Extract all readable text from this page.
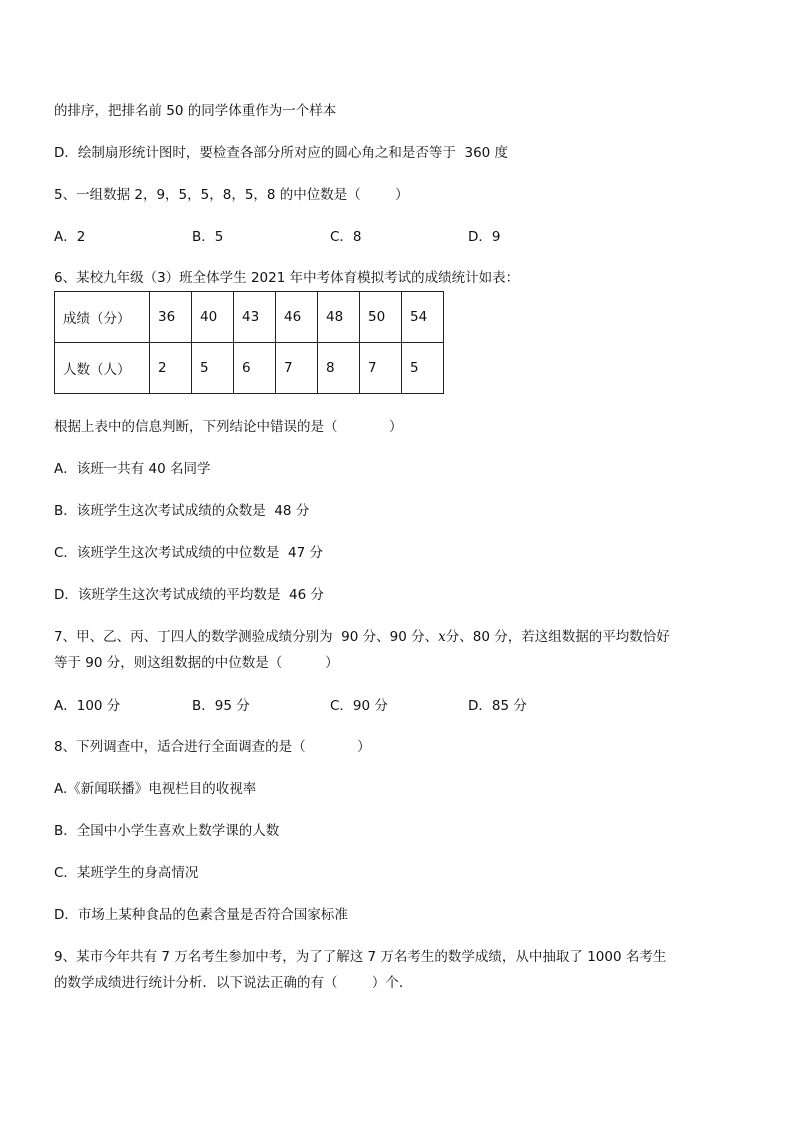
的排序，把排名前 50 的同学体重作为一个样本
D．绘制扇形统计图时，要检查各部分所对应的圆心角之和是否等于  360 度
5、一组数据 2，9，5，5，8，5，8 的中位数是（        ）
A．2	B．5	C．8	D．9
6、某校九年级（3）班全体学生 2021 年中考体育模拟考试的成绩统计如表：
成绩（分）	36	40	43	46	48	50	54
人数（人）	2	5	6	7	8	7	5
根据上表中的信息判断，下列结论中错误的是（            ）
A．该班一共有 40 名同学
B．该班学生这次考试成绩的众数是  48 分
C．该班学生这次考试成绩的中位数是  47 分
D．该班学生这次考试成绩的平均数是  46 分
7、甲、乙、丙、丁四人的数学测验成绩分别为  90 分、90 分、x分、80 分，若这组数据的平均数恰好
等于 90 分，则这组数据的中位数是（          ）
A．100 分	B．95 分	C．90 分	D．85 分
8、下列调查中，适合进行全面调查的是（            ）
A.《新闻联播》电视栏目的收视率
B．全国中小学生喜欢上数学课的人数
C．某班学生的身高情况
D．市场上某种食品的色素含量是否符合国家标准
9、某市今年共有 7 万名考生参加中考，为了了解这 7 万名考生的数学成绩，从中抽取了 1000 名考生
的数学成绩进行统计分析．以下说法正确的有（        ）个．
